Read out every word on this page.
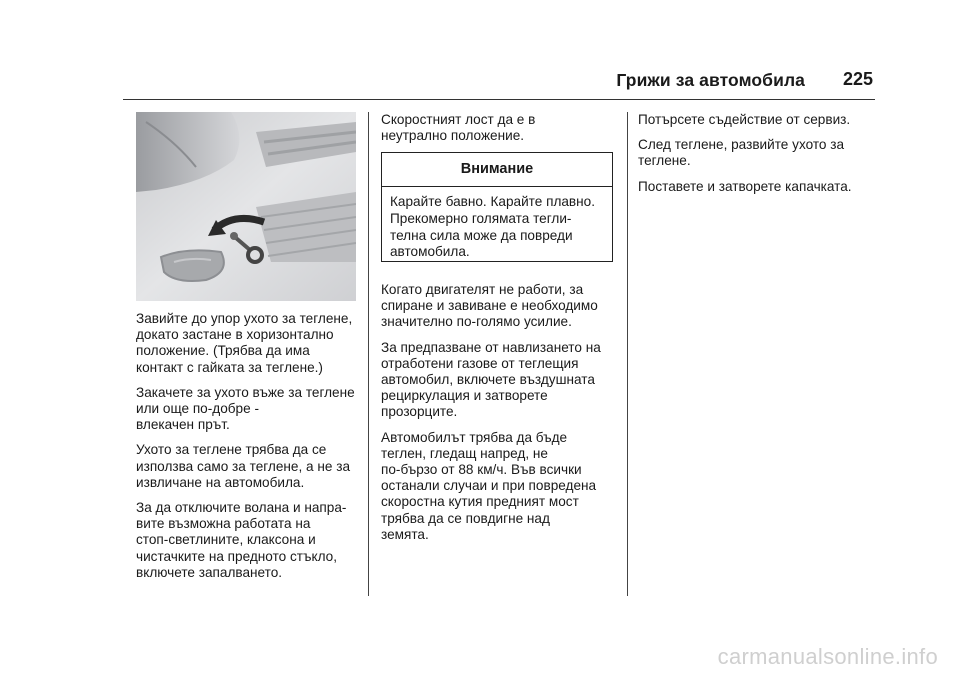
Грижи за автомобила 225

Завийте до упор ухото за теглене,
докато застане в хоризонтално
положение. (Трябва да има
контакт с гайката за теглене.)

Закачете за ухото въже за теглене
или още по-добре -
влекачен прът.

Ухото за теглене трябва да се
използва само за теглене, а не за
извличане на автомобила.

За да отключите волана и напра-
вите възможна работата на
стоп-светлините, клаксона и
чистачките на предното стъкло,
включете запалването.

Скоростният лост да е в
неутрално положение.

Внимание
Карайте бавно. Карайте плавно.
Прекомерно голямата тегли-
телна сила може да повреди
автомобила.

Когато двигателят не работи, за
спиране и завиване е необходимо
значително по-голямо усилие.

За предпазване от навлизането на
отработени газове от теглещия
автомобил, включете въздушната
рециркулация и затворете
прозорците.

Автомобилът трябва да бъде
теглен, гледащ напред, не
по-бързо от 88 км/ч. Във всички
останали случаи и при повредена
скоростна кутия предният мост
трябва да се повдигне над
земята.

Потърсете съдействие от сервиз.

След теглене, развийте ухото за
теглене.

Поставете и затворете капачката.

carmanualsonline.info
